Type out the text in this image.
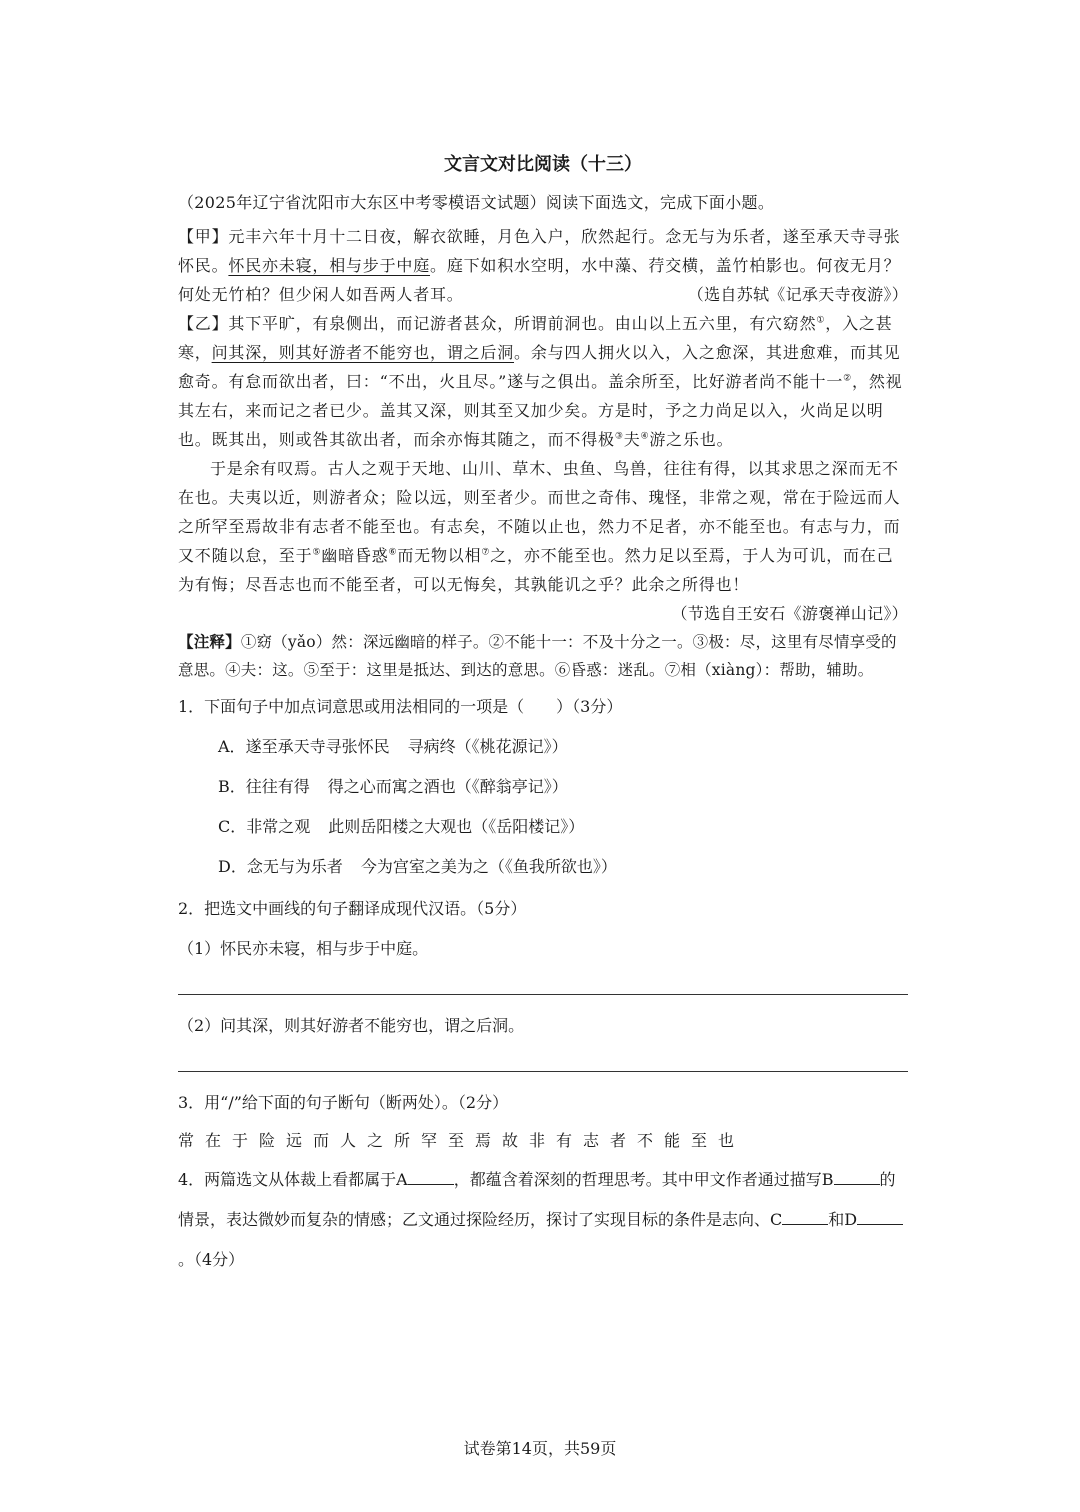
文言文对比阅读（十三）

（2025年辽宁省沈阳市大东区中考零模语文试题）阅读下面选文，完成下面小题。

【甲】元丰六年十月十二日夜，解衣欲睡，月色入户，欣然起行。念无与为乐者，遂至承天寺寻张怀民。怀民亦未寝，相与步于中庭。庭下如积水空明，水中藻、荇交横，盖竹柏影也。何夜无月？何处无竹柏？但少闲人如吾两人者耳。	（选自苏轼《记承天寺夜游》）

【乙】其下平旷，有泉侧出，而记游者甚众，所谓前洞也。由山以上五六里，有穴窈然①，入之甚寒，问其深，则其好游者不能穷也，谓之后洞。余与四人拥火以入，入之愈深，其进愈难，而其见愈奇。有怠而欲出者，曰：“不出，火且尽。”遂与之俱出。盖余所至，比好游者尚不能十一②，然视其左右，来而记之者已少。盖其又深，则其至又加少矣。方是时，予之力尚足以入，火尚足以明也。既其出，则或咎其欲出者，而余亦悔其随之，而不得极③夫④游之乐也。

于是余有叹焉。古人之观于天地、山川、草木、虫鱼、鸟兽，往往有得，以其求思之深而无不在也。夫夷以近，则游者众；险以远，则至者少。而世之奇伟、瑰怪，非常之观，常在于险远而人之所罕至焉故非有志者不能至也。有志矣，不随以止也，然力不足者，亦不能至也。有志与力，而又不随以怠，至于⑤幽暗昏惑⑥而无物以相⑦之，亦不能至也。然力足以至焉，于人为可讥，而在己为有悔；尽吾志也而不能至者，可以无悔矣，其孰能讥之乎？此余之所得也！
（节选自王安石《游褒禅山记》）

【注释】①窈（yǎo）然：深远幽暗的样子。②不能十一：不及十分之一。③极：尽，这里有尽情享受的意思。④夫：这。⑤至于：这里是抵达、到达的意思。⑥昏惑：迷乱。⑦相（xiàng）：帮助，辅助。

1．下面句子中加点词意思或用法相同的一项是（　　）（3分）

A．遂至承天寺寻张怀民 寻病终（《桃花源记》）

B．往往有得 得之心而寓之酒也（《醉翁亭记》）

C．非常之观 此则岳阳楼之大观也（《岳阳楼记》）

D．念无与为乐者 今为宫室之美为之（《鱼我所欲也》）

2．把选文中画线的句子翻译成现代汉语。（5分）

（1）怀民亦未寝，相与步于中庭。

（2）问其深，则其好游者不能穷也，谓之后洞。

3．用“/”给下面的句子断句（断两处）。（2分）

常在于险远而人之所罕至焉故非有志者不能至也

4．两篇选文从体裁上看都属于A	，都蕴含着深刻的哲理思考。其中甲文作者通过描写B	的情景，表达微妙而复杂的情感；乙文通过探险经历，探讨了实现目标的条件是志向、C	和D。（4分）

试卷第14页，共59页
